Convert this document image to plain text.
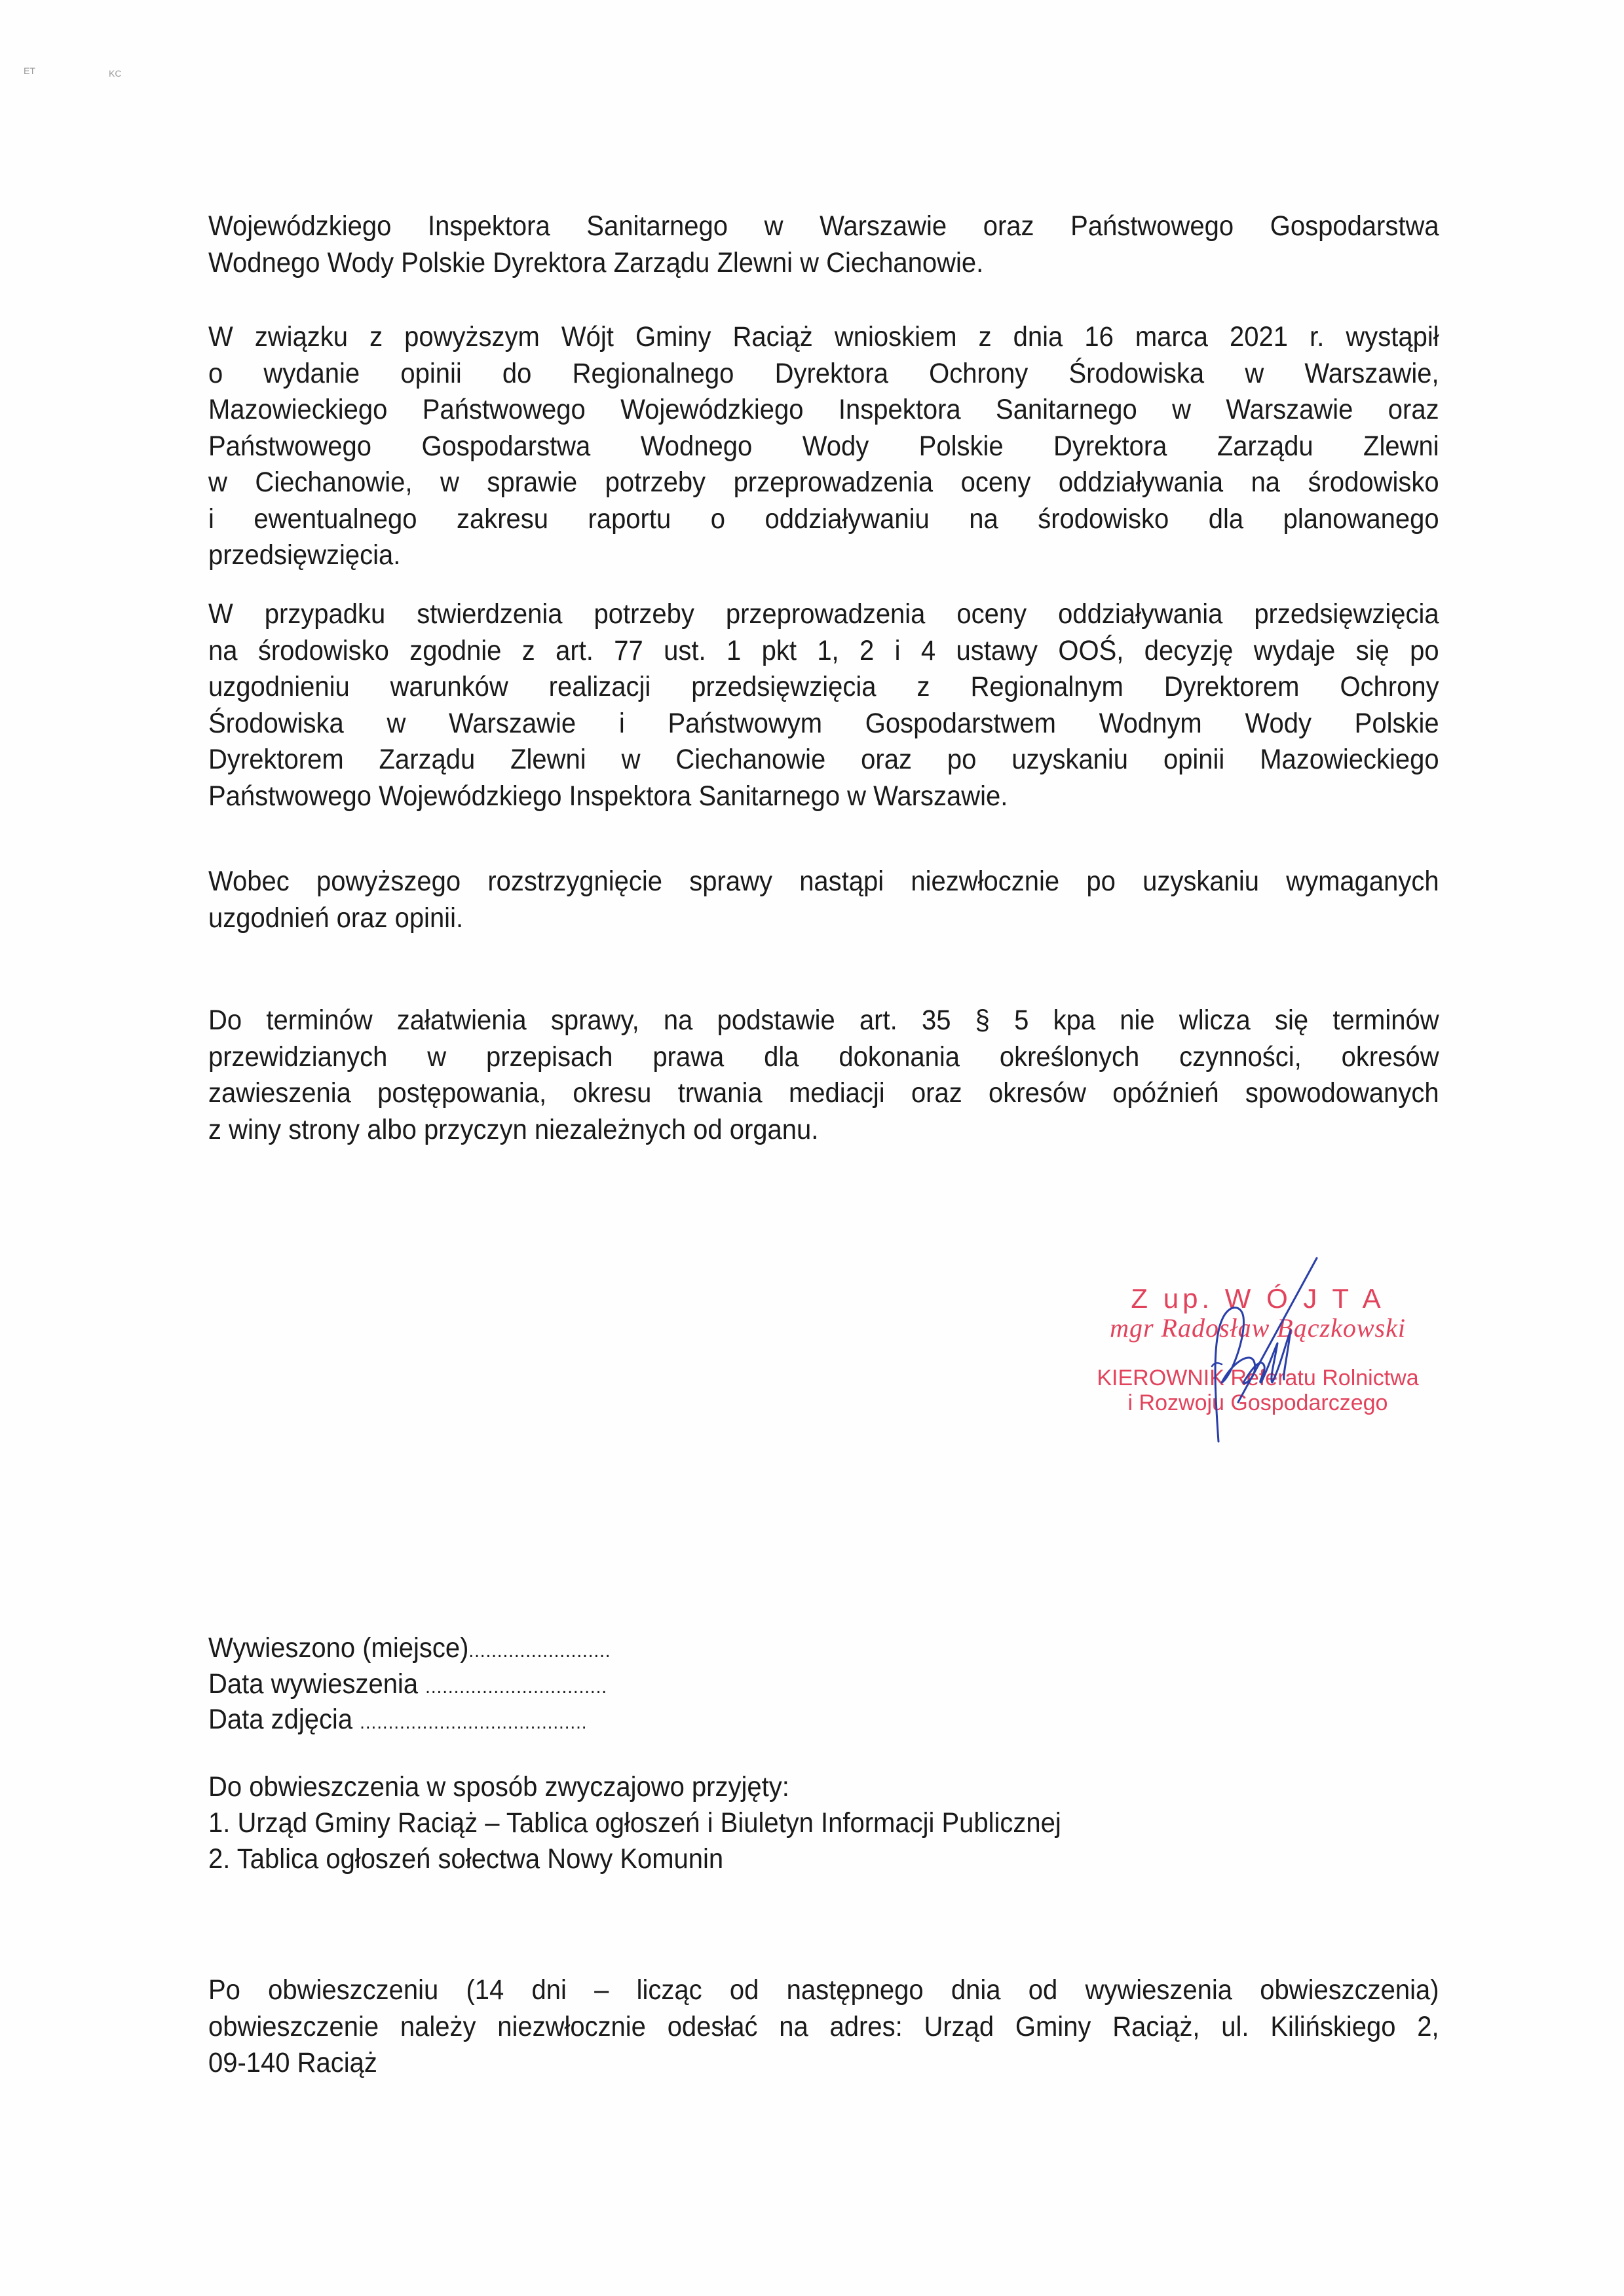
ET	KC
Wojewódzkiego Inspektora Sanitarnego w Warszawie oraz Państwowego Gospodarstwa
Wodnego Wody Polskie Dyrektora Zarządu Zlewni w Ciechanowie.
W związku z powyższym Wójt Gminy Raciąż wnioskiem z dnia 16 marca 2021 r. wystąpił
o wydanie opinii do Regionalnego Dyrektora Ochrony Środowiska w Warszawie,
Mazowieckiego Państwowego Wojewódzkiego Inspektora Sanitarnego w Warszawie oraz
Państwowego Gospodarstwa Wodnego Wody Polskie Dyrektora Zarządu Zlewni
w Ciechanowie, w sprawie potrzeby przeprowadzenia oceny oddziaływania na środowisko
i ewentualnego zakresu raportu o oddziaływaniu na środowisko dla planowanego
przedsięwzięcia.
W przypadku stwierdzenia potrzeby przeprowadzenia oceny oddziaływania przedsięwzięcia
na środowisko zgodnie z art. 77 ust. 1 pkt 1, 2 i 4 ustawy OOŚ, decyzję wydaje się po
uzgodnieniu warunków realizacji przedsięwzięcia z Regionalnym Dyrektorem Ochrony
Środowiska w Warszawie i Państwowym Gospodarstwem Wodnym Wody Polskie
Dyrektorem Zarządu Zlewni w Ciechanowie oraz po uzyskaniu opinii Mazowieckiego
Państwowego Wojewódzkiego Inspektora Sanitarnego w Warszawie.
Wobec powyższego rozstrzygnięcie sprawy nastąpi niezwłocznie po uzyskaniu wymaganych
uzgodnień oraz opinii.
Do terminów załatwienia sprawy, na podstawie art. 35 § 5 kpa nie wlicza się terminów
przewidzianych w przepisach prawa dla dokonania określonych czynności, okresów
zawieszenia postępowania, okresu trwania mediacji oraz okresów opóźnień spowodowanych
z winy strony albo przyczyn niezależnych od organu.
Z up. W Ó J T A
mgr Radosław Bączkowski
KIEROWNIK Referatu Rolnictwa
i Rozwoju Gospodarczego
Wywieszono (miejsce).........................
Data wywieszenia ................................
Data zdjęcia ........................................
Do obwieszczenia w sposób zwyczajowo przyjęty:
1. Urząd Gminy Raciąż – Tablica ogłoszeń i Biuletyn Informacji Publicznej
2. Tablica ogłoszeń sołectwa Nowy Komunin
Po obwieszczeniu (14 dni – licząc od następnego dnia od wywieszenia obwieszczenia)
obwieszczenie należy niezwłocznie odesłać na adres: Urząd Gminy Raciąż, ul. Kilińskiego 2,
09-140 Raciąż
